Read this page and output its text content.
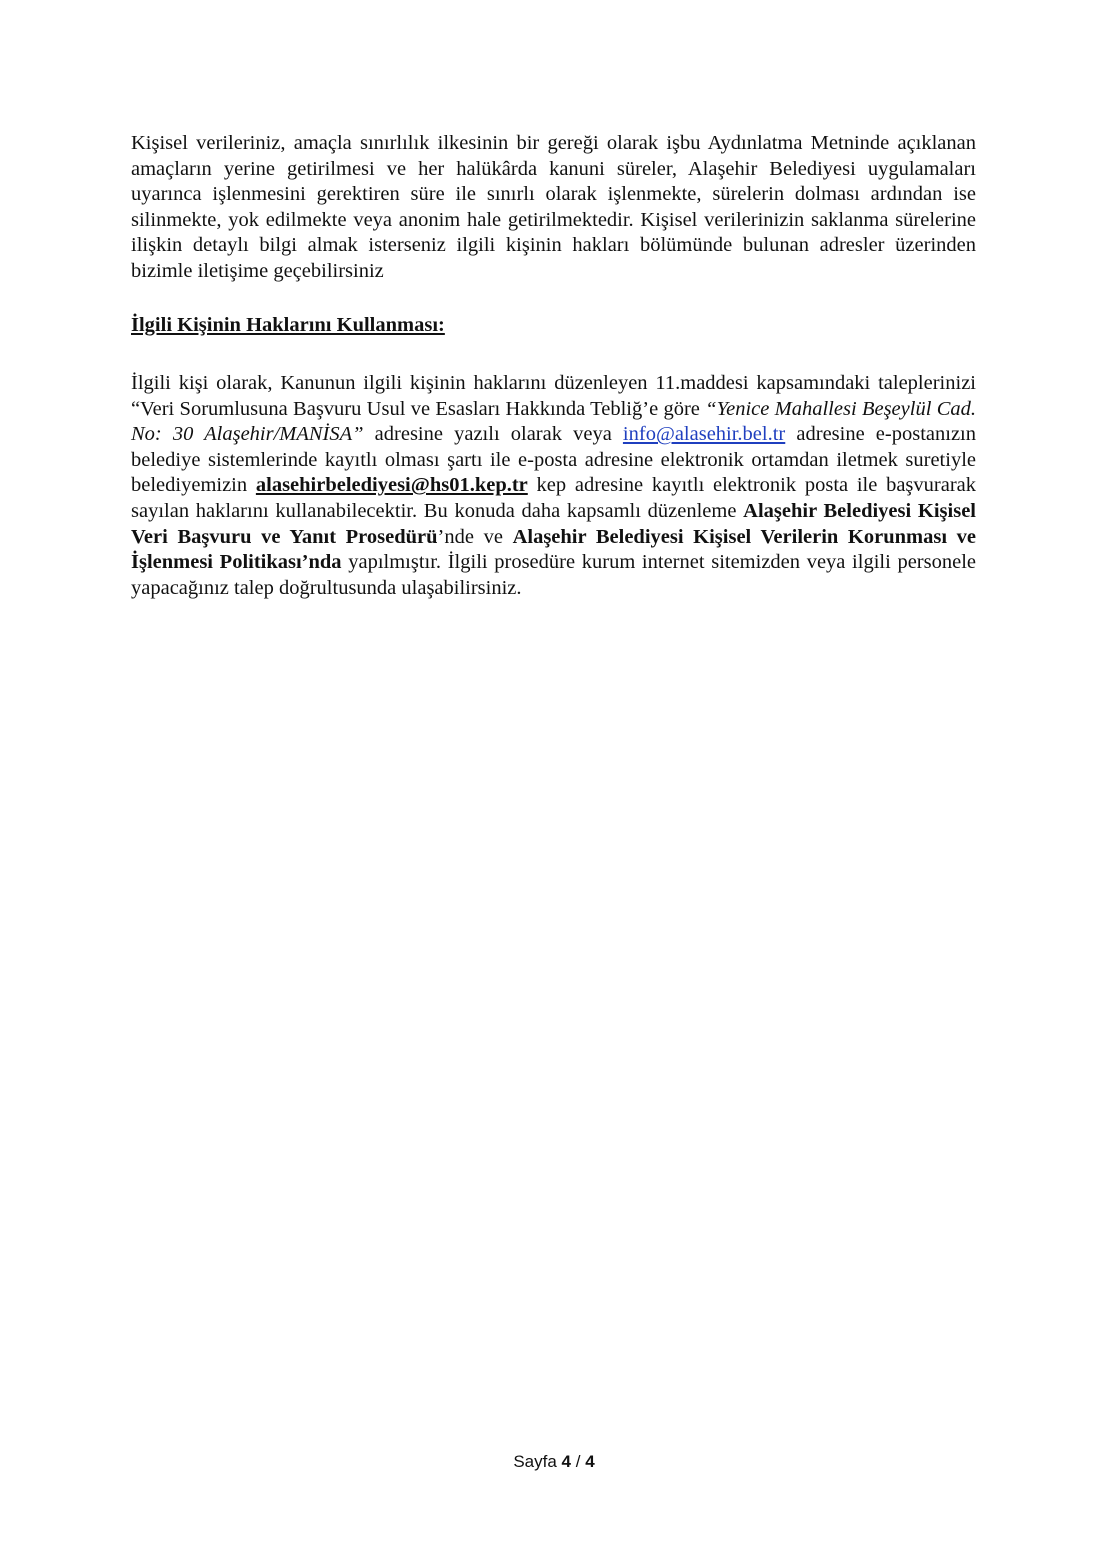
Kişisel verileriniz, amaçla sınırlılık ilkesinin bir gereği olarak işbu Aydınlatma Metninde açıklanan amaçların yerine getirilmesi ve her halükârda kanuni süreler, Alaşehir Belediyesi uygulamaları uyarınca işlenmesini gerektiren süre ile sınırlı olarak işlenmekte, sürelerin dolması ardından ise silinmekte, yok edilmekte veya anonim hale getirilmektedir. Kişisel verilerinizin saklanma sürelerine ilişkin detaylı bilgi almak isterseniz ilgili kişinin hakları bölümünde bulunan adresler üzerinden bizimle iletişime geçebilirsiniz

İlgili Kişinin Haklarını Kullanması:

İlgili kişi olarak, Kanunun ilgili kişinin haklarını düzenleyen 11.maddesi kapsamındaki taleplerinizi “Veri Sorumlusuna Başvuru Usul ve Esasları Hakkında Tebliğ’e göre “Yenice Mahallesi Beşeylül Cad. No: 30 Alaşehir/MANİSA” adresine yazılı olarak veya info@alasehir.bel.tr adresine e-postanızın belediye sistemlerinde kayıtlı olması şartı ile e-posta adresine elektronik ortamdan iletmek suretiyle belediyemizin alasehirbelediyesi@hs01.kep.tr kep adresine kayıtlı elektronik posta ile başvurarak sayılan haklarını kullanabilecektir. Bu konuda daha kapsamlı düzenleme Alaşehir Belediyesi Kişisel Veri Başvuru ve Yanıt Prosedürü’nde ve Alaşehir Belediyesi Kişisel Verilerin Korunması ve İşlenmesi Politikası’nda yapılmıştır. İlgili prosedüre kurum internet sitemizden veya ilgili personele yapacağınız talep doğrultusunda ulaşabilirsiniz.

Sayfa 4 / 4
